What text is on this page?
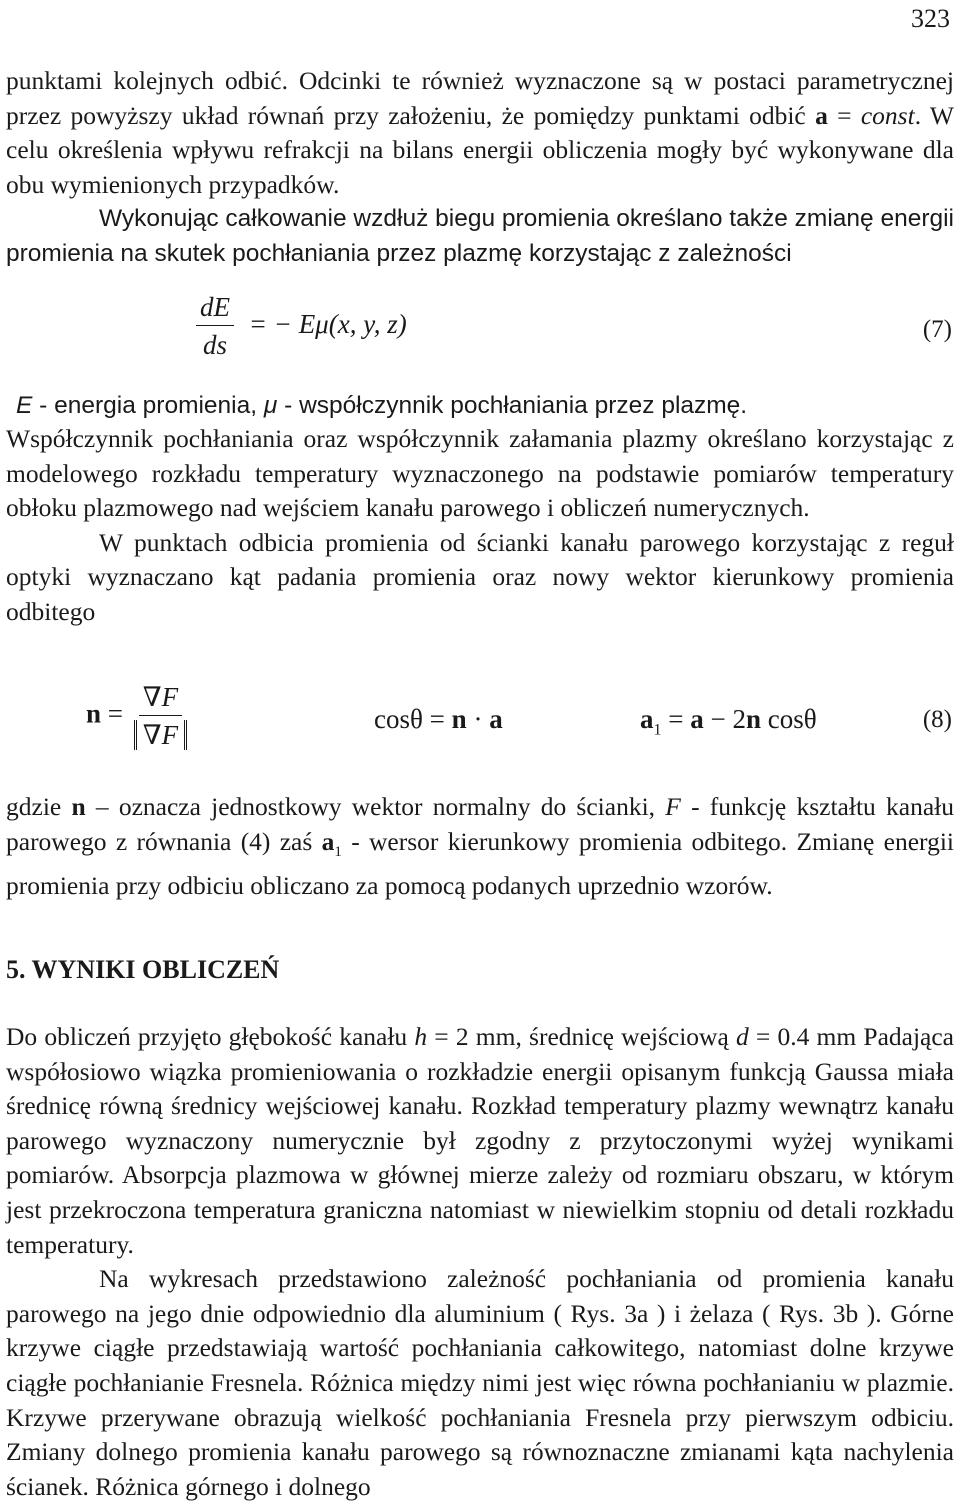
323

punktami kolejnych odbić. Odcinki te również wyznaczone są w postaci parametrycznej przez powyższy układ równań przy założeniu, że pomiędzy punktami odbić a = const. W celu określenia wpływu refrakcji na bilans energii obliczenia mogły być wykonywane dla obu wymienionych przypadków.

Wykonując całkowanie wzdłuż biegu promienia określano także zmianę energii promienia na skutek pochłaniania przez plazmę korzystając z zależności

$\frac{dE}{ds}$ = − Eμ(x, y, z)	(7)

E - energia promienia, μ - współczynnik pochłaniania przez plazmę.

Współczynnik pochłaniania oraz współczynnik załamania plazmy określano korzystając z modelowego rozkładu temperatury wyznaczonego na podstawie pomiarów temperatury obłoku plazmowego nad wejściem kanału parowego i obliczeń numerycznych.

W punktach odbicia promienia od ścianki kanału parowego korzystając z reguł optyki wyznaczano kąt padania promienia oraz nowy wektor kierunkowy promienia odbitego

$n = \frac{\nabla F}{\nabla F}$	cosθ = n · a	$a_1 = a - 2n$ cosθ	(8)

gdzie n – oznacza jednostkowy wektor normalny do ścianki, F - funkcję kształtu kanału parowego z równania (4) zaś $a_1$ - wersor kierunkowy promienia odbitego. Zmianę energii promienia przy odbiciu obliczano za pomocą podanych uprzednio wzorów.

5. WYNIKI OBLICZEŃ

Do obliczeń przyjęto głębokość kanału h = 2 mm, średnicę wejściową d = 0.4 mm Padająca współosiowo wiązka promieniowania o rozkładzie energii opisanym funkcją Gaussa miała średnicę równą średnicy wejściowej kanału. Rozkład temperatury plazmy wewnątrz kanału parowego wyznaczony numerycznie był zgodny z przytoczonymi wyżej wynikami pomiarów. Absorpcja plazmowa w głównej mierze zależy od rozmiaru obszaru, w którym jest przekroczona temperatura graniczna natomiast w niewielkim stopniu od detali rozkładu temperatury.

Na wykresach przedstawiono zależność pochłaniania od promienia kanału parowego na jego dnie odpowiednio dla aluminium ( Rys. 3a ) i żelaza ( Rys. 3b ). Górne krzywe ciągłe przedstawiają wartość pochłaniania całkowitego, natomiast dolne krzywe ciągłe pochłanianie Fresnela. Różnica między nimi jest więc równa pochłanianiu w plazmie. Krzywe przerywane obrazują wielkość pochłaniania Fresnela przy pierwszym odbiciu. Zmiany dolnego promienia kanału parowego są równoznaczne zmianami kąta nachylenia ścianek. Różnica górnego i dolnego
